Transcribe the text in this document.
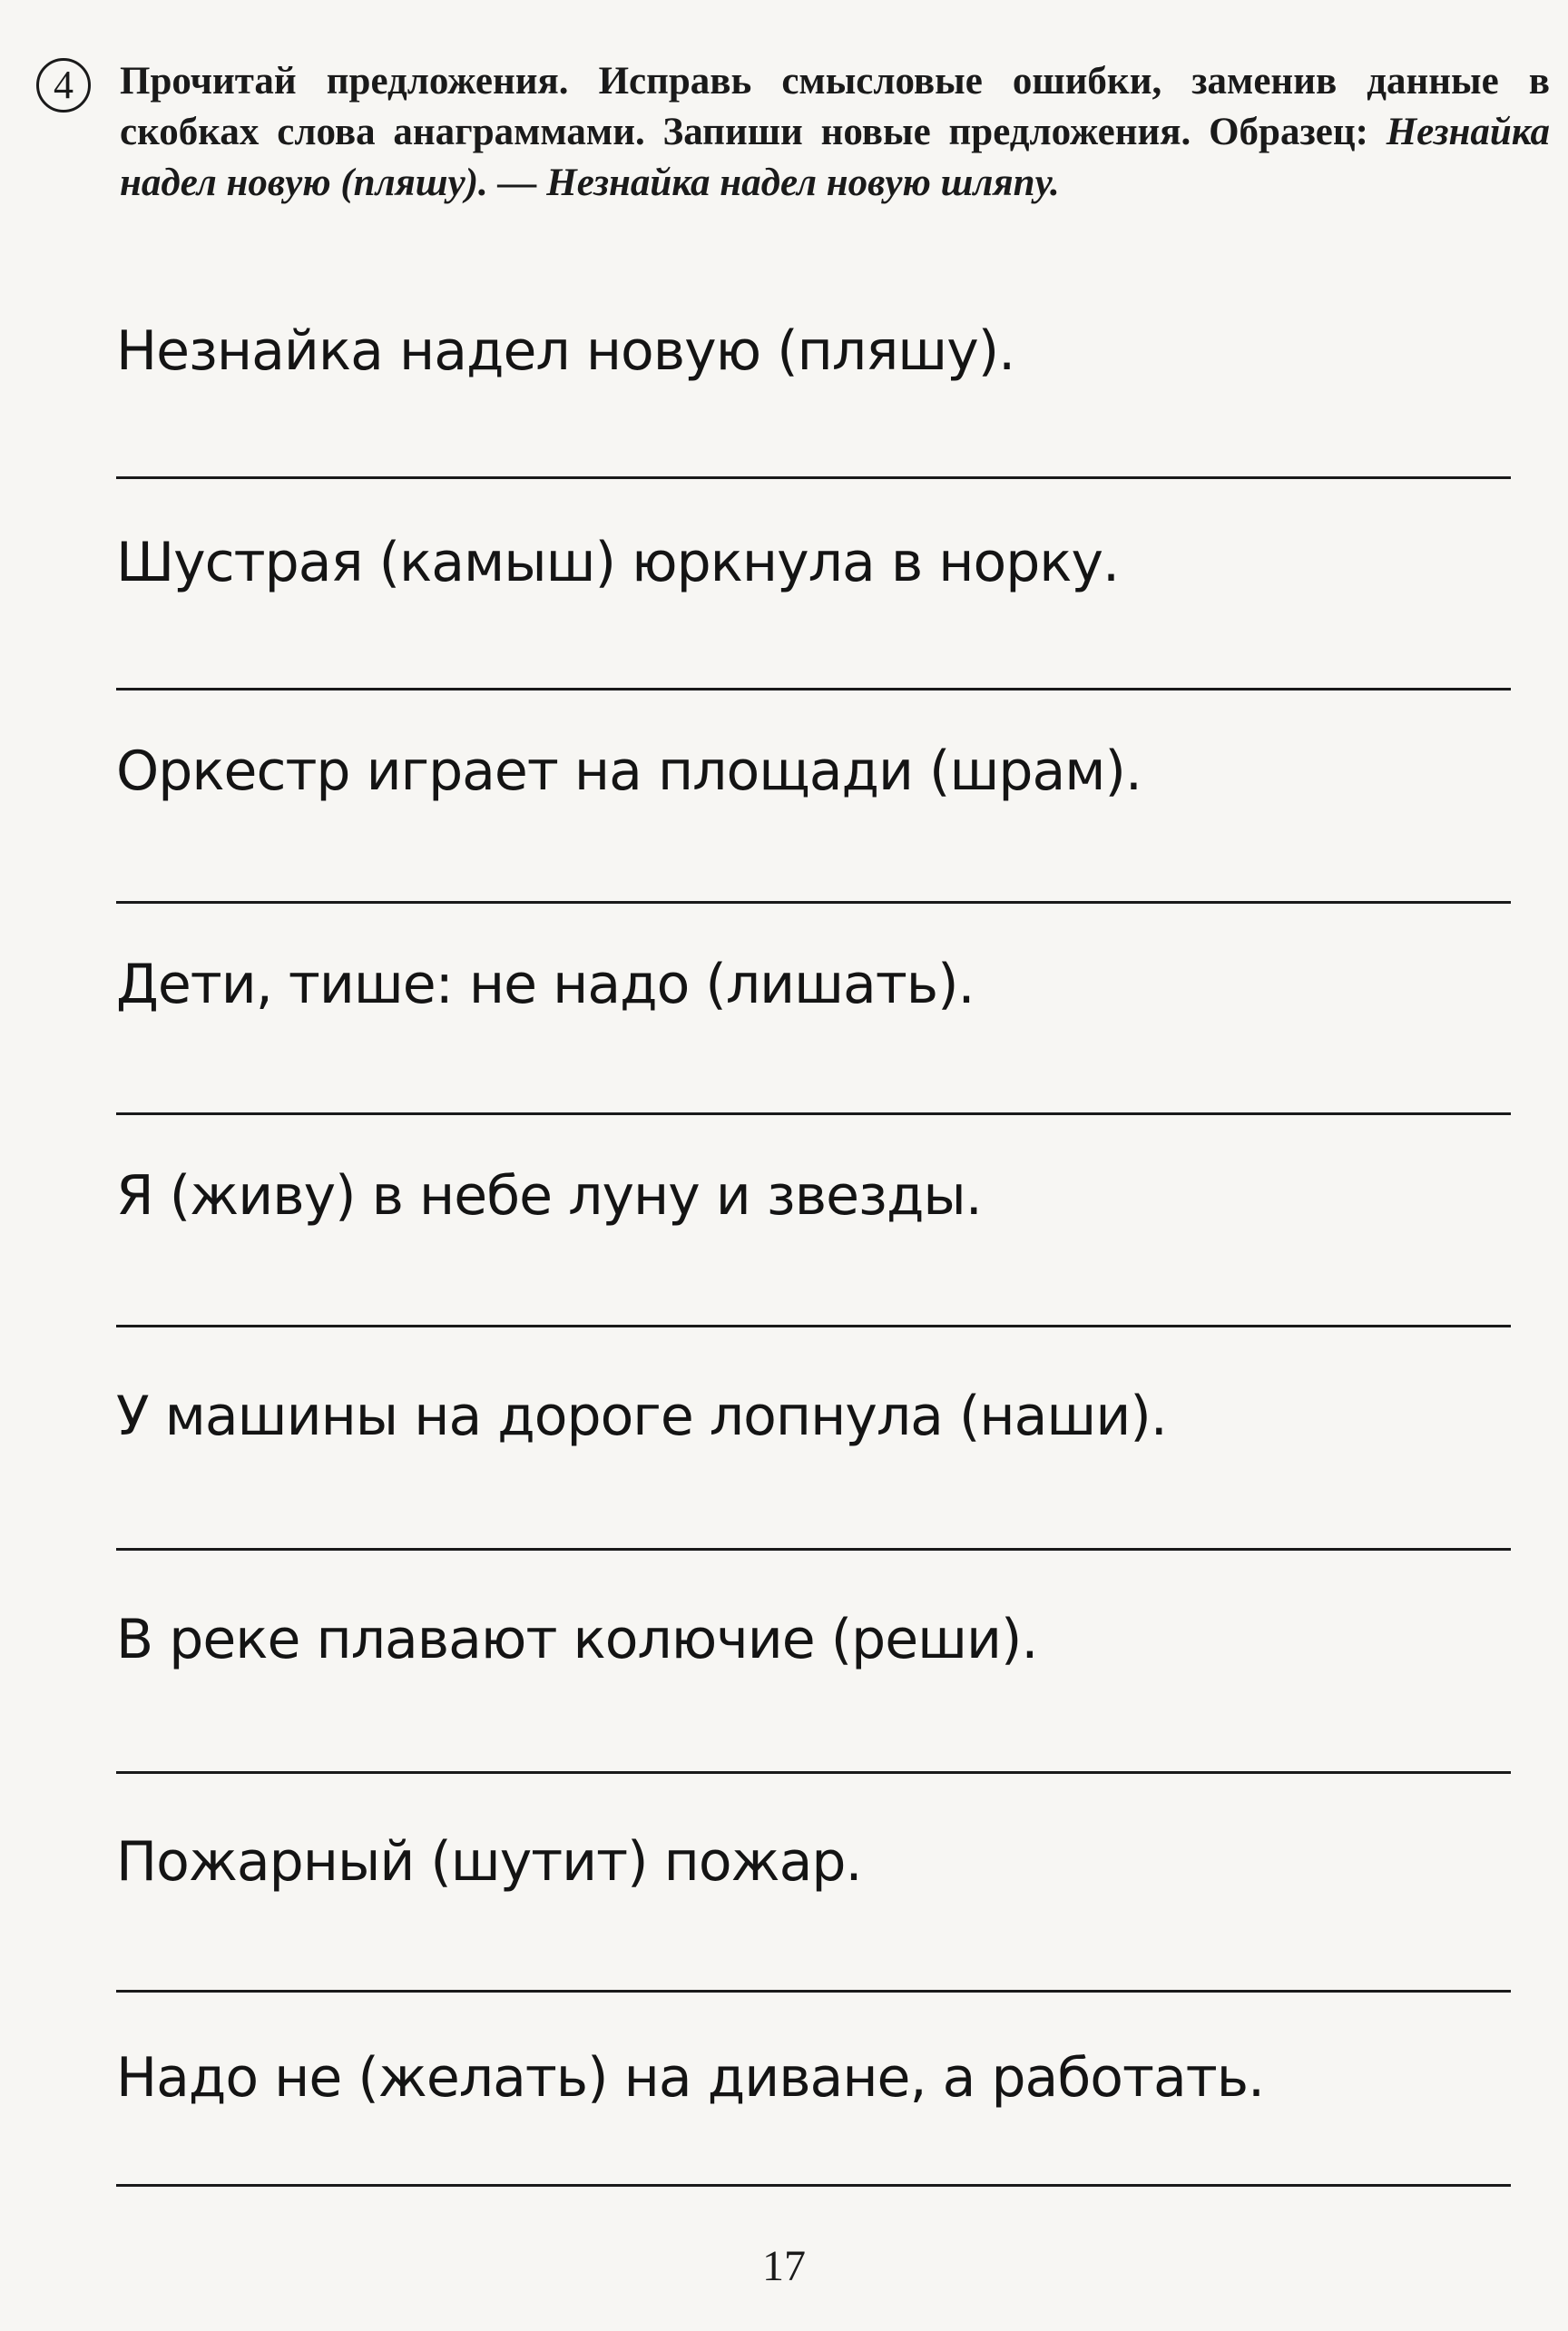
4	Прочитай предложения. Исправь смысловые ошибки, заменив данные в скобках слова анаграммами. Запиши новые предложения. Образец: Незнайка надел новую (пляшу). — Незнайка надел новую шляпу.
Незнайка надел новую (пляшу).
Шустрая (камыш) юркнула в норку.
Оркестр играет на площади (шрам).
Дети, тише: не надо (лишать).
Я (живу) в небе луну и звезды.
У машины на дороге лопнула (наши).
В реке плавают колючие (реши).
Пожарный (шутит) пожар.
Надо не (желать) на диване, а работать.
17
